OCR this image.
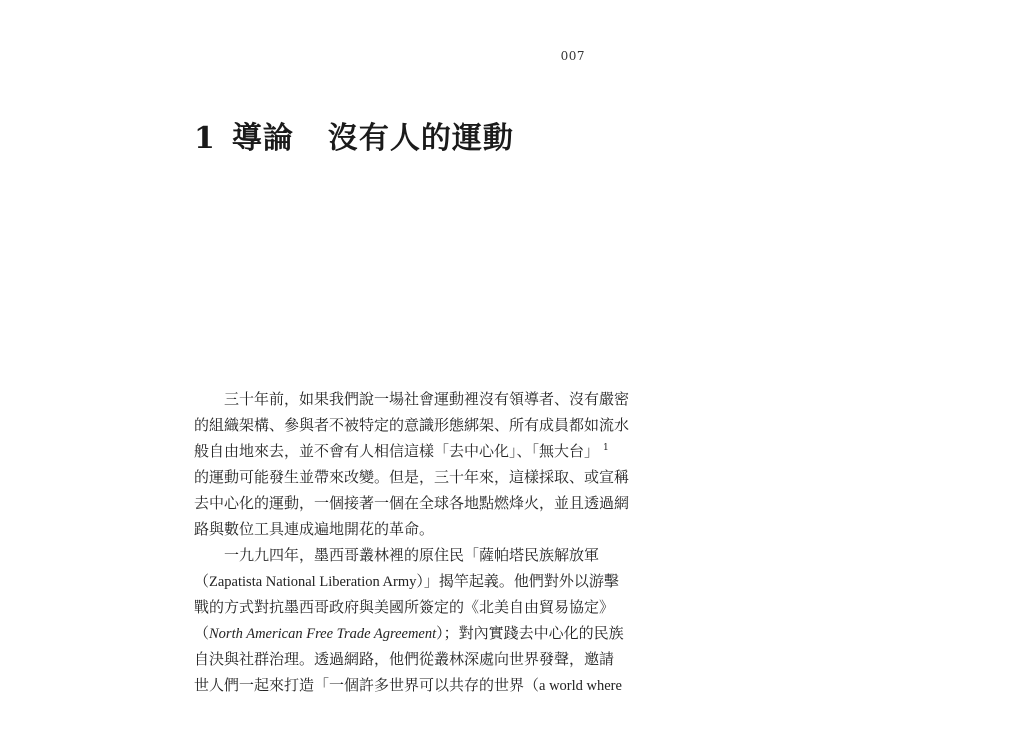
007
1 導論 沒有人的運動
三十年前，如果我們說一場社會運動裡沒有領導者、沒有嚴密
的組織架構、參與者不被特定的意識形態綁架、所有成員都如流水
般自由地來去，並不會有人相信這樣「去中心化」、「無大台」 $^1$
的運動可能發生並帶來改變。但是，三十年來，這樣採取、或宣稱
去中心化的運動，一個接著一個在全球各地點燃烽火，並且透過網
路與數位工具連成遍地開花的革命。
一九九四年，墨西哥叢林裡的原住民「薩帕塔民族解放軍
（Zapatista National Liberation Army）」揭竿起義。他們對外以游擊
戰的方式對抗墨西哥政府與美國所簽定的《北美自由貿易協定》
（North American Free Trade Agreement）；對內實踐去中心化的民族
自決與社群治理。透過網路，他們從叢林深處向世界發聲，邀請
世人們一起來打造「一個許多世界可以共存的世界（a world where
